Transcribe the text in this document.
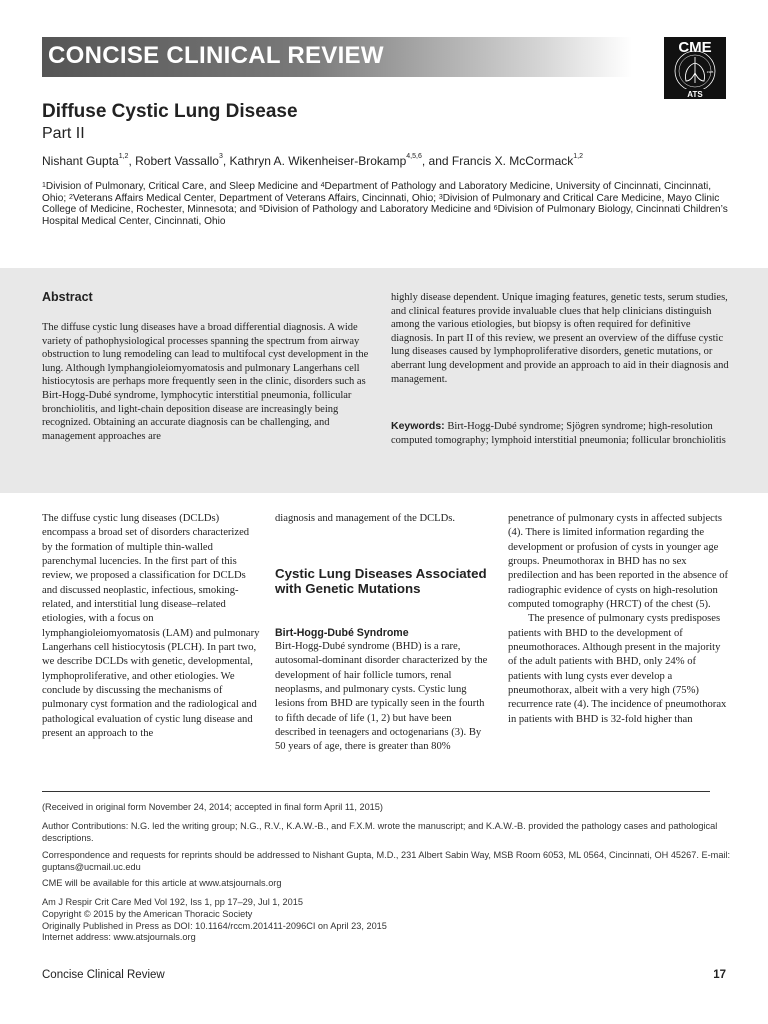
CONCISE CLINICAL REVIEW	CME
1905
ATS
Diffuse Cystic Lung Disease
Part II
Nishant Gupta$^{1,2}$, Robert Vassallo$^3$, Kathryn A. Wikenheiser-Brokamp$^{4,5,6}$, and Francis X. McCormack$^{1,2}$
$^1$Division of Pulmonary, Critical Care, and Sleep Medicine and $^4$Department of Pathology and Laboratory Medicine, University of Cincinnati, Cincinnati, Ohio; $^2$Veterans Affairs Medical Center, Department of Veterans Affairs, Cincinnati, Ohio; $^3$Division of Pulmonary and Critical Care Medicine, Mayo Clinic College of Medicine, Rochester, Minnesota; and $^5$Division of Pathology and Laboratory Medicine and $^6$Division of Pulmonary Biology, Cincinnati Children’s Hospital Medical Center, Cincinnati, Ohio
Abstract
The diffuse cystic lung diseases have a broad differential diagnosis. A wide variety of pathophysiological processes spanning the spectrum from airway obstruction to lung remodeling can lead to multifocal cyst development in the lung. Although lymphangioleiomyomatosis and pulmonary Langerhans cell histiocytosis are perhaps more frequently seen in the clinic, disorders such as Birt-Hogg-Dubé syndrome, lymphocytic interstitial pneumonia, follicular bronchiolitis, and light-chain deposition disease are increasingly being recognized. Obtaining an accurate diagnosis can be challenging, and management approaches are
highly disease dependent. Unique imaging features, genetic tests, serum studies, and clinical features provide invaluable clues that help clinicians distinguish among the various etiologies, but biopsy is often required for definitive diagnosis. In part II of this review, we present an overview of the diffuse cystic lung diseases caused by lymphoproliferative disorders, genetic mutations, or aberrant lung development and provide an approach to aid in their diagnosis and management.
Keywords: Birt-Hogg-Dubé syndrome; Sjögren syndrome; high-resolution computed tomography; lymphoid interstitial pneumonia; follicular bronchiolitis
The diffuse cystic lung diseases (DCLDs) encompass a broad set of disorders characterized by the formation of multiple thin-walled parenchymal lucencies. In the first part of this review, we proposed a classification for DCLDs and discussed neoplastic, infectious, smoking-related, and interstitial lung disease–related etiologies, with a focus on lymphangioleiomyomatosis (LAM) and pulmonary Langerhans cell histiocytosis (PLCH). In part two, we describe DCLDs with genetic, developmental, lymphoproliferative, and other etiologies. We conclude by discussing the mechanisms of pulmonary cyst formation and the radiological and pathological evaluation of cystic lung disease and present an approach to the
diagnosis and management of the DCLDs.
Cystic Lung Diseases Associated with Genetic Mutations
Birt-Hogg-Dubé Syndrome
Birt-Hogg-Dubé syndrome (BHD) is a rare, autosomal-dominant disorder characterized by the development of hair follicle tumors, renal neoplasms, and pulmonary cysts. Cystic lung lesions from BHD are typically seen in the fourth to fifth decade of life (1, 2) but have been described in teenagers and octogenarians (3). By 50 years of age, there is greater than 80%
penetrance of pulmonary cysts in affected subjects (4). There is limited information regarding the development or profusion of cysts in younger age groups. Pneumothorax in BHD has no sex predilection and has been reported in the absence of radiographic evidence of cysts on high-resolution computed tomography (HRCT) of the chest (5).
The presence of pulmonary cysts predisposes patients with BHD to the development of pneumothoraces. Although present in the majority of the adult patients with BHD, only 24% of patients with lung cysts ever develop a pneumothorax, albeit with a very high (75%) recurrence rate (4). The incidence of pneumothorax in patients with BHD is 32-fold higher than
(Received in original form November 24, 2014; accepted in final form April 11, 2015)
Author Contributions: N.G. led the writing group; N.G., R.V., K.A.W.-B., and F.X.M. wrote the manuscript; and K.A.W.-B. provided the pathology cases and pathological descriptions.
Correspondence and requests for reprints should be addressed to Nishant Gupta, M.D., 231 Albert Sabin Way, MSB Room 6053, ML 0564, Cincinnati, OH 45267. E-mail: guptans@ucmail.uc.edu
CME will be available for this article at www.atsjournals.org
Am J Respir Crit Care Med Vol 192, Iss 1, pp 17–29, Jul 1, 2015
Copyright © 2015 by the American Thoracic Society
Originally Published in Press as DOI: 10.1164/rccm.201411-2096CI on April 23, 2015
Internet address: www.atsjournals.org
Concise Clinical Review	17
